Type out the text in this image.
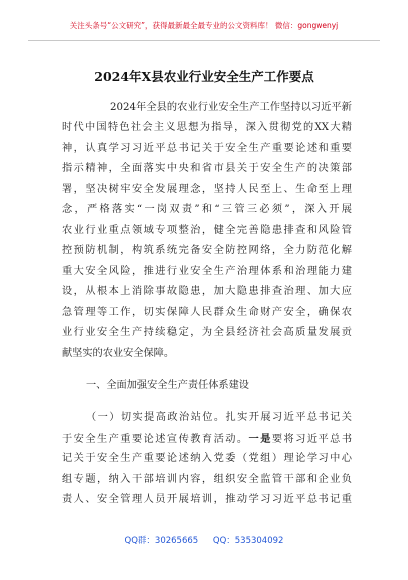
关注头条号“公文研究”，获得最新最全最专业的公文资料库！ 微信：gongwenyj
2024年X县农业行业安全生产工作要点
2024年全县的农业行业安全生产工作坚持以习近平新
时代中国特色社会主义思想为指导，深入贯彻党的XX大精
神，认真学习习近平总书记关于安全生产重要论述和重要
指示精神，全面落实中央和省市县关于安全生产的决策部
署，坚决树牢安全发展理念，坚持人民至上、生命至上理
念，严格落实“一岗双责”和“三管三必须”，深入开展
农业行业重点领域专项整治，健全完善隐患排查和风险管
控预防机制，构筑系统完备安全防控网络，全力防范化解
重大安全风险，推进行业安全生产治理体系和治理能力建
设，从根本上消除事故隐患，加大隐患排查治理、加大应
急管理等工作，切实保障人民群众生命财产安全，确保农
业行业安全生产持续稳定，为全县经济社会高质量发展贡
献坚实的农业安全保障。
一、全面加强安全生产责任体系建设
（一）切实提高政治站位。扎实开展习近平总书记关
于安全生产重要论述宣传教育活动。一是要将习近平总书
记关于安全生产重要论述纳入党委（党组）理论学习中心
组专题，纳入干部培训内容，组织安全监管干部和企业负
责人、安全管理人员开展培训，推动学习习近平总书记重
QQ群：30265665 QQ：535304092
